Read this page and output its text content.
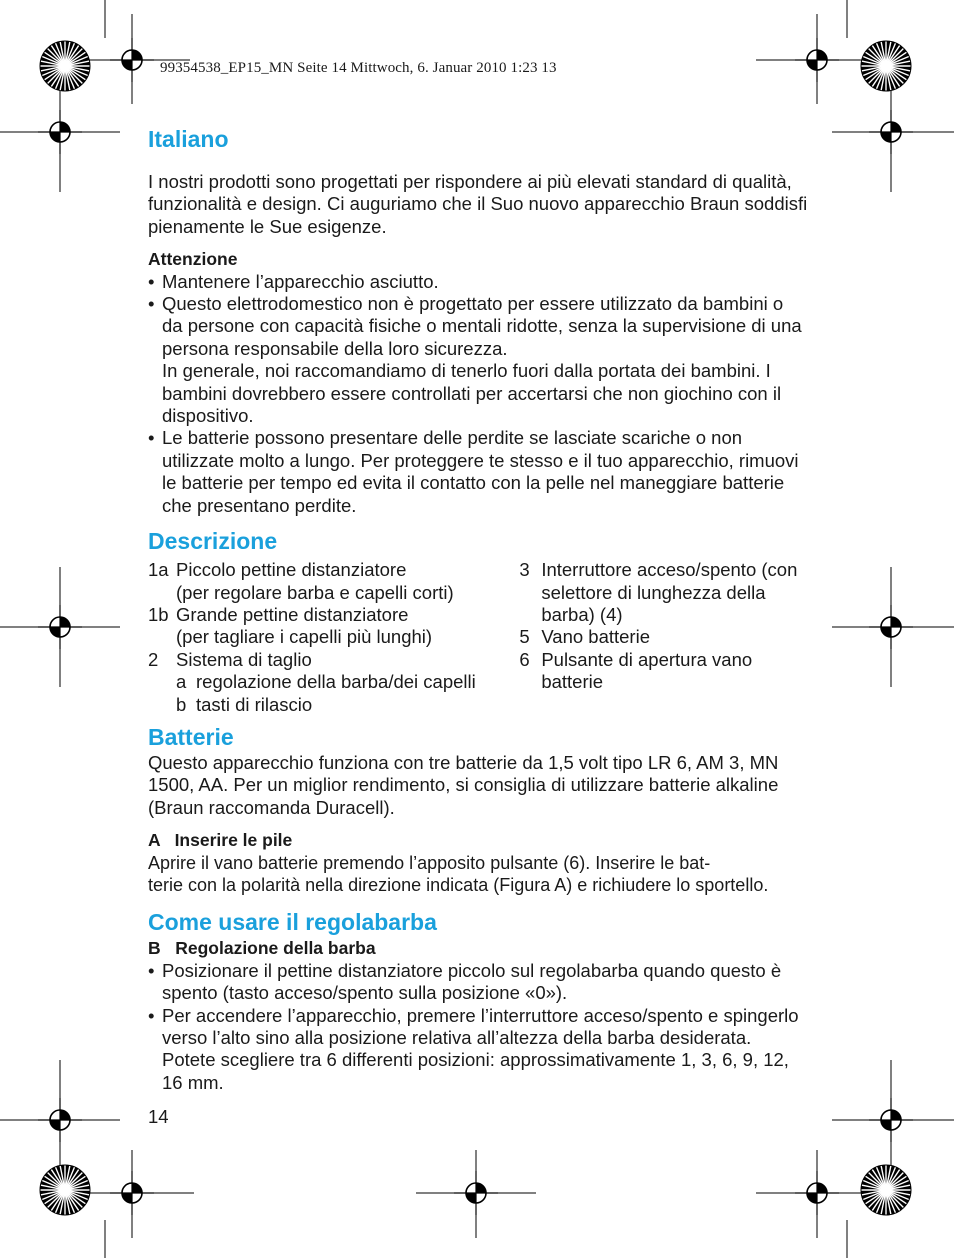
99354538_EP15_MN Seite 14 Mittwoch, 6. Januar 2010 1:23 13
Italiano

I nostri prodotti sono progettati per rispondere ai più elevati standard di qualità, funzionalità e design. Ci auguriamo che il Suo nuovo apparecchio Braun soddisfi pienamente le Sue esigenze.

Attenzione
• Mantenere l’apparecchio asciutto.
• Questo elettrodomestico non è progettato per essere utilizzato da bambini o da persone con capacità fisiche o mentali ridotte, senza la supervisione di una persona responsabile della loro sicurezza.
In generale, noi raccomandiamo di tenerlo fuori dalla portata dei bambini. I bambini dovrebbero essere controllati per accertarsi che non giochino con il dispositivo.
• Le batterie possono presentare delle perdite se lasciate scariche o non utilizzate molto a lungo. Per proteggere te stesso e il tuo apparecchio, rimuovi le batterie per tempo ed evita il contatto con la pelle nel maneggiare batterie che presentano perdite.
Descrizione
1a Piccolo pettine distanziatore
(per regolare barba e capelli corti)
1b Grande pettine distanziatore
(per tagliare i capelli più lunghi)
2 Sistema di taglio
a regolazione della barba/dei capelli
b tasti di rilascio
3 Interruttore acceso/spento (con selettore di lunghezza della barba) (4)
5 Vano batterie
6 Pulsante di apertura vano batterie
Batterie

Questo apparecchio funziona con tre batterie da 1,5 volt tipo LR 6, AM 3, MN 1500, AA. Per un miglior rendimento, si consiglia di utilizzare batterie alkaline (Braun raccomanda Duracell).

A   Inserire le pile

Aprire il vano batterie premendo l’apposito pulsante (6). Inserire le bat-
terie con la polarità nella direzione indicata (Figura A) e richiudere lo sportello.

Come usare il regolabarba
B   Regolazione della barba
• Posizionare il pettine distanziatore piccolo sul regolabarba quando questo è spento (tasto acceso/spento sulla posizione «0»).
• Per accendere l’apparecchio, premere l’interruttore acceso/spento e spingerlo verso l’alto sino alla posizione relativa all’altezza della barba desiderata. Potete scegliere tra 6 differenti posizioni: approssimativamente 1, 3, 6, 9, 12, 16 mm.
14
